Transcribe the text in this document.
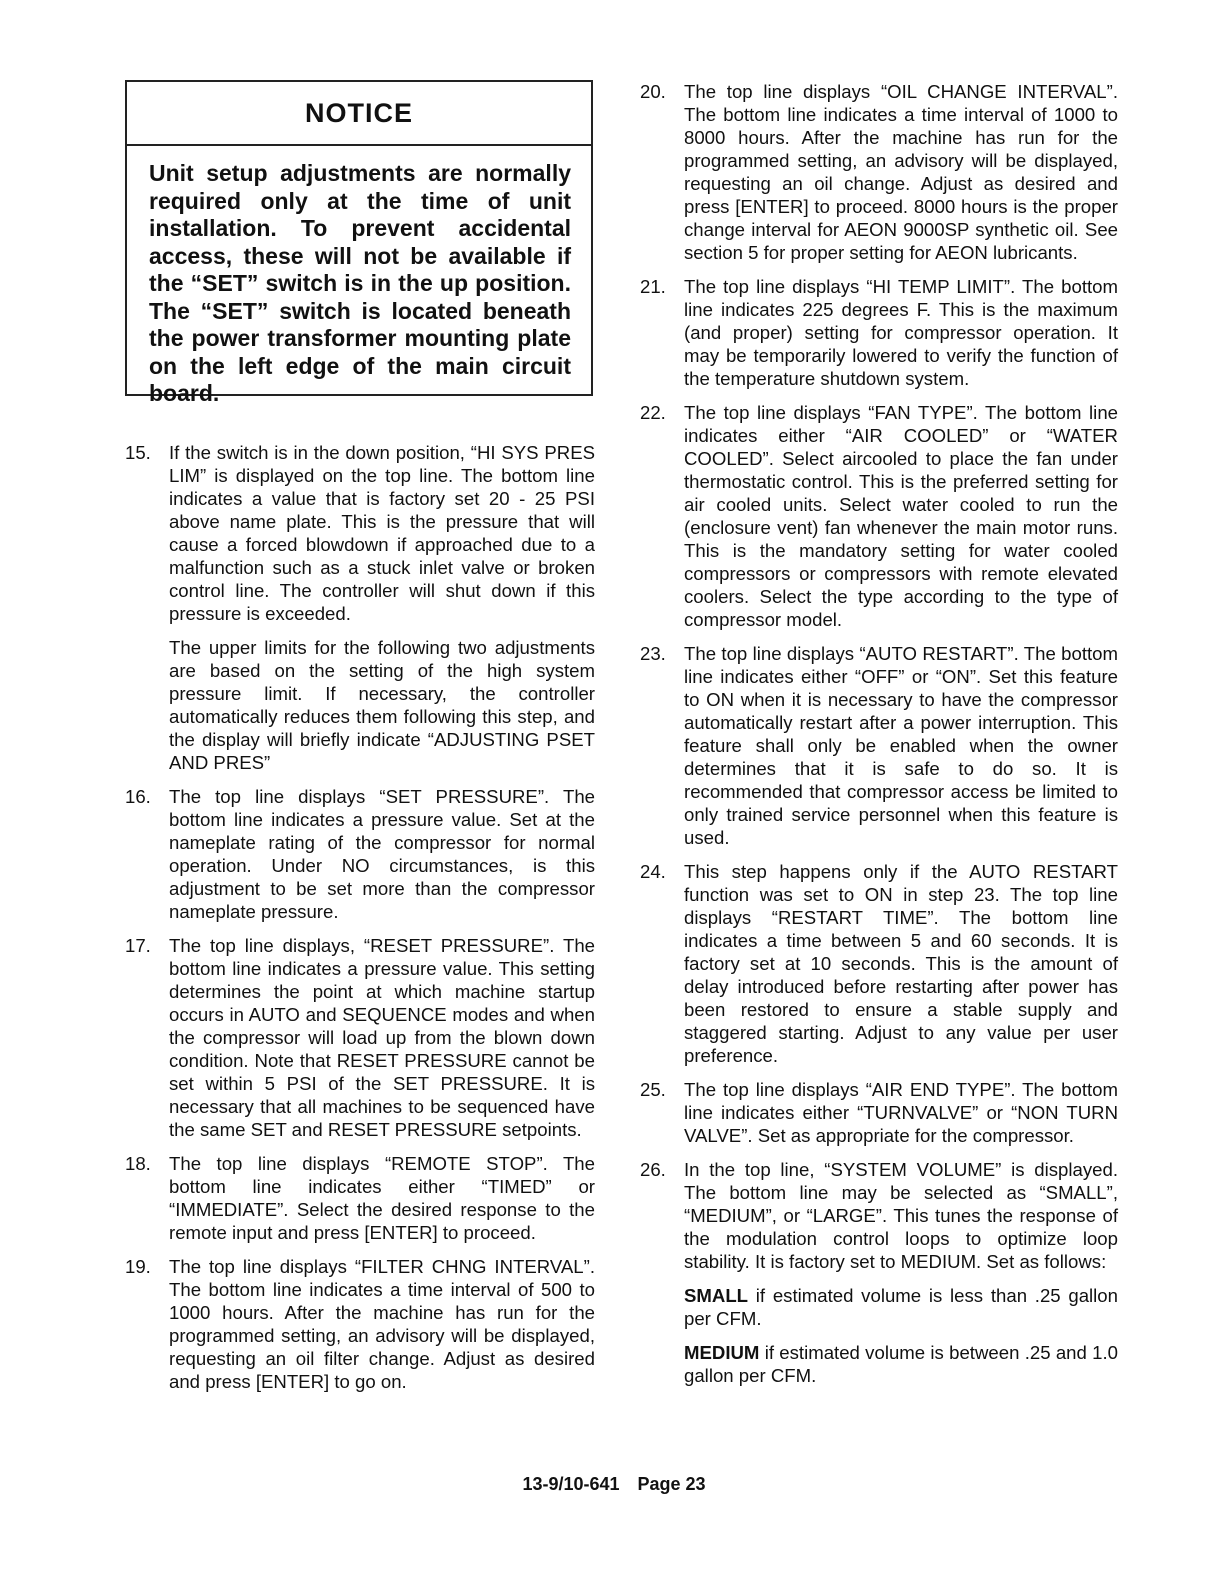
NOTICE
Unit setup adjustments are normally required only at the time of unit installation. To prevent accidental access, these will not be available if the “SET” switch is in the up position. The “SET” switch is located beneath the power transformer mounting plate on the left edge of the main circuit board.
15. If the switch is in the down position, “HI SYS PRES LIM” is displayed on the top line. The bottom line indicates a value that is factory set 20 - 25 PSI above name plate. This is the pressure that will cause a forced blowdown if approached due to a malfunction such as a stuck inlet valve or broken control line. The controller will shut down if this pressure is exceeded.

The upper limits for the following two adjustments are based on the setting of the high system pressure limit. If necessary, the controller automatically reduces them following this step, and the display will briefly indicate “ADJUSTING PSET AND PRES”

16. The top line displays “SET PRESSURE”. The bottom line indicates a pressure value. Set at the nameplate rating of the compressor for normal operation. Under NO circumstances, is this adjustment to be set more than the compressor nameplate pressure.

17. The top line displays, “RESET PRESSURE”. The bottom line indicates a pressure value. This setting determines the point at which machine startup occurs in AUTO and SEQUENCE modes and when the compressor will load up from the blown down condition. Note that RESET PRESSURE cannot be set within 5 PSI of the SET PRESSURE. It is necessary that all machines to be sequenced have the same SET and RESET PRESSURE setpoints.

18. The top line displays “REMOTE STOP”. The bottom line indicates either “TIMED” or “IMMEDIATE”. Select the desired response to the remote input and press [ENTER] to proceed.

19. The top line displays “FILTER CHNG INTERVAL”. The bottom line indicates a time interval of 500 to 1000 hours. After the machine has run for the programmed setting, an advisory will be displayed, requesting an oil filter change. Adjust as desired and press [ENTER] to go on.

20. The top line displays “OIL CHANGE INTERVAL”. The bottom line indicates a time interval of 1000 to 8000 hours. After the machine has run for the programmed setting, an advisory will be displayed, requesting an oil change. Adjust as desired and press [ENTER] to proceed. 8000 hours is the proper change interval for AEON 9000SP synthetic oil. See section 5 for proper setting for AEON lubricants.

21. The top line displays “HI TEMP LIMIT”. The bottom line indicates 225 degrees F. This is the maximum (and proper) setting for compressor operation. It may be temporarily lowered to verify the function of the temperature shutdown system.

22. The top line displays “FAN TYPE”. The bottom line indicates either “AIR COOLED” or “WATER COOLED”. Select aircooled to place the fan under thermostatic control. This is the preferred setting for air cooled units. Select water cooled to run the (enclosure vent) fan whenever the main motor runs. This is the mandatory setting for water cooled compressors or compressors with remote elevated coolers. Select the type according to the type of compressor model.

23. The top line displays “AUTO RESTART”. The bottom line indicates either “OFF” or “ON”. Set this feature to ON when it is necessary to have the compressor automatically restart after a power interruption. This feature shall only be enabled when the owner determines that it is safe to do so. It is recommended that compressor access be limited to only trained service personnel when this feature is used.

24. This step happens only if the AUTO RESTART function was set to ON in step 23. The top line displays “RESTART TIME”. The bottom line indicates a time between 5 and 60 seconds. It is factory set at 10 seconds. This is the amount of delay introduced before restarting after power has been restored to ensure a stable supply and staggered starting. Adjust to any value per user preference.

25. The top line displays “AIR END TYPE”. The bottom line indicates either “TURNVALVE” or “NON TURN VALVE”. Set as appropriate for the compressor.

26. In the top line, “SYSTEM VOLUME” is displayed. The bottom line may be selected as “SMALL”, “MEDIUM”, or “LARGE”. This tunes the response of the modulation control loops to optimize loop stability. It is factory set to MEDIUM. Set as follows:

SMALL if estimated volume is less than .25 gallon per CFM.

MEDIUM if estimated volume is between .25 and 1.0 gallon per CFM.

13-9/10-641 Page 23
